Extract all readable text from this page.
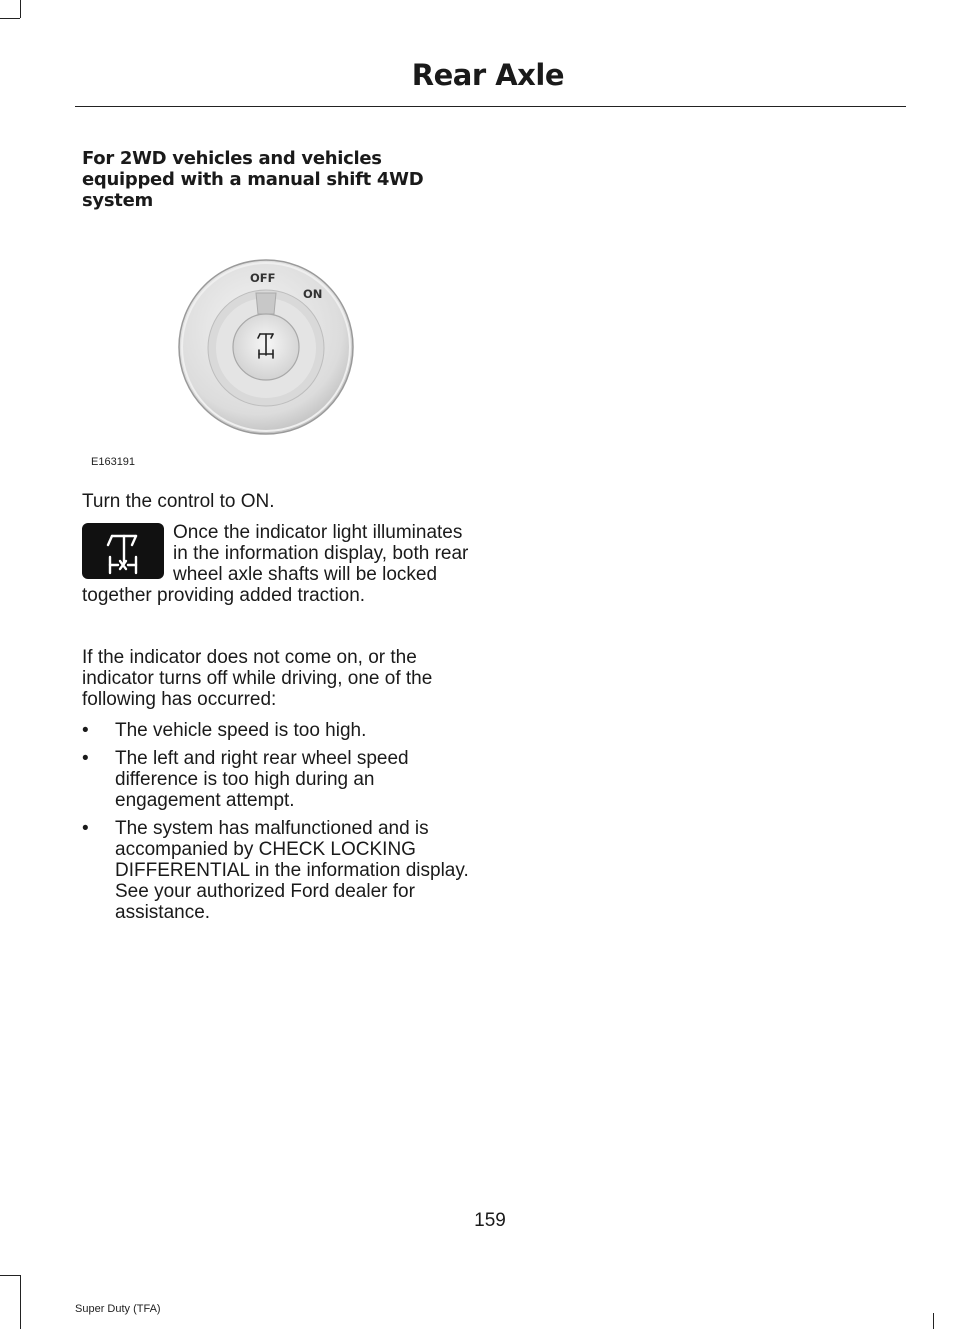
Rear Axle
For 2WD vehicles and vehicles equipped with a manual shift 4WD system
OFF
ON
E163191

Turn the control to ON.

Once the indicator light illuminates in the information display, both rear wheel axle shafts will be locked together providing added traction.

If the indicator does not come on, or the indicator turns off while driving, one of the following has occurred:

• The vehicle speed is too high.
• The left and right rear wheel speed difference is too high during an engagement attempt.
• The system has malfunctioned and is accompanied by CHECK LOCKING DIFFERENTIAL in the information display. See your authorized Ford dealer for assistance.
159
Super Duty (TFA)
